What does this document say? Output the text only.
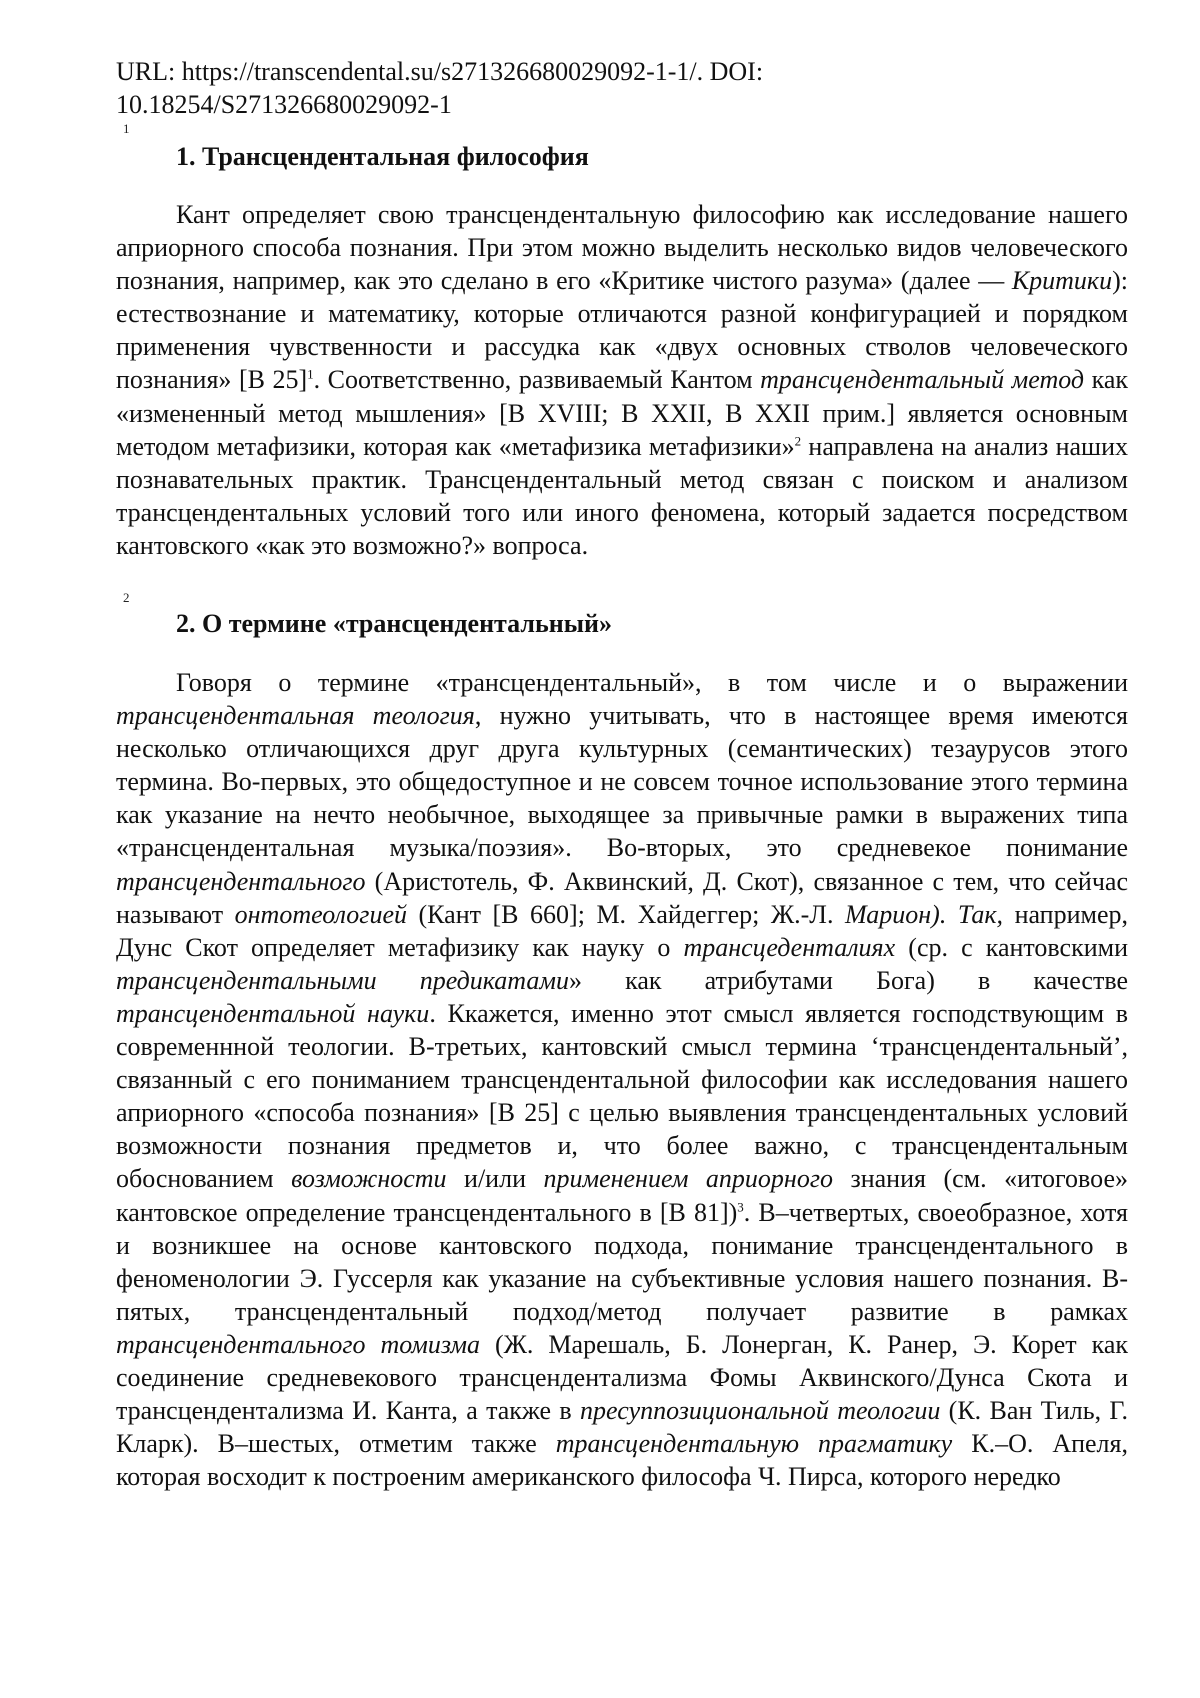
URL: https://transcendental.su/s271326680029092-1-1/. DOI:
10.18254/S271326680029092-1
1
1. Трансцендентальная философия

Кант определяет свою трансцендентальную философию как исследование нашего априорного способа познания. При этом можно выделить несколько видов человеческого познания, например, как это сделано в его «Критике чистого разума» (далее — Критики): естествознание и математику, которые отличаются разной конфигурацией и порядком применения чувственности и рассудка как «двух основных стволов человеческого познания» [B 25]$^1$. Соответственно, развиваемый Кантом трансцендентальный метод как «измененный метод мышления» [B XVIII; B XXII, B XXII прим.] является основным методом метафизики, которая как «метафизика метафизики»$^2$ направлена на анализ наших познавательных практик. Трансцендентальный метод связан с поиском и анализом трансцендентальных условий того или иного феномена, который задается посредством кантовского «как это возможно?» вопроса.

2
2. О термине «трансцендентальный»

Говоря о термине «трансцендентальный», в том числе и о выражении трансцендентальная теология, нужно учитывать, что в настоящее время имеются несколько отличающихся друг друга культурных (семантических) тезаурусов этого термина. Во-первых, это общедоступное и не совсем точное использование этого термина как указание на нечто необычное, выходящее за привычные рамки в выражених типа «трансцендентальная музыка/поэзия». Во-вторых, это средневекое понимание трансцендентального (Аристотель, Ф. Аквинский, Д. Скот), связанное с тем, что сейчас называют онтотеологией (Кант [B 660]; М. Хайдеггер; Ж.-Л. Марион). Так, например, Дунс Скот определяет метафизику как науку о трансцеденталиях (ср. с кантовскими трансцендентальными предикатами» как атрибутами Бога) в качестве трансцендентальной науки. Ккажется, именно этот смысл является господствующим в современнной теологии. В-третьих, кантовский смысл термина ‘трансцендентальный’, связанный с его пониманием трансцендентальной философии как исследования нашего априорного «способа познания» [B 25] с целью выявления трансцендентальных условий возможности познания предметов и, что более важно, с трансцендентальным обоснованием возможности и/или применением априорного знания (см. «итоговое» кантовское определение трансцендентального в [B 81])$^3$. В–четвертых, своеобразное, хотя и возникшее на основе кантовского подхода, понимание трансцендентального в феноменологии Э. Гуссерля как указание на субъективные условия нашего познания. В-пятых, трансцендентальный подход/метод получает развитие в рамках трансцендентального томизма (Ж. Марешаль, Б. Лонерган, К. Ранер, Э. Корет как соединение средневекового трансцендентализма Фомы Аквинского/Дунса Скота и трансцендентализма И. Канта, а также в пресуппозициональной теологии (К. Ван Тиль, Г. Кларк). В–шестых, отметим также трансцендентальную прагматику К.–О. Апеля, которая восходит к построеним американского философа Ч. Пирса, которого нередко
